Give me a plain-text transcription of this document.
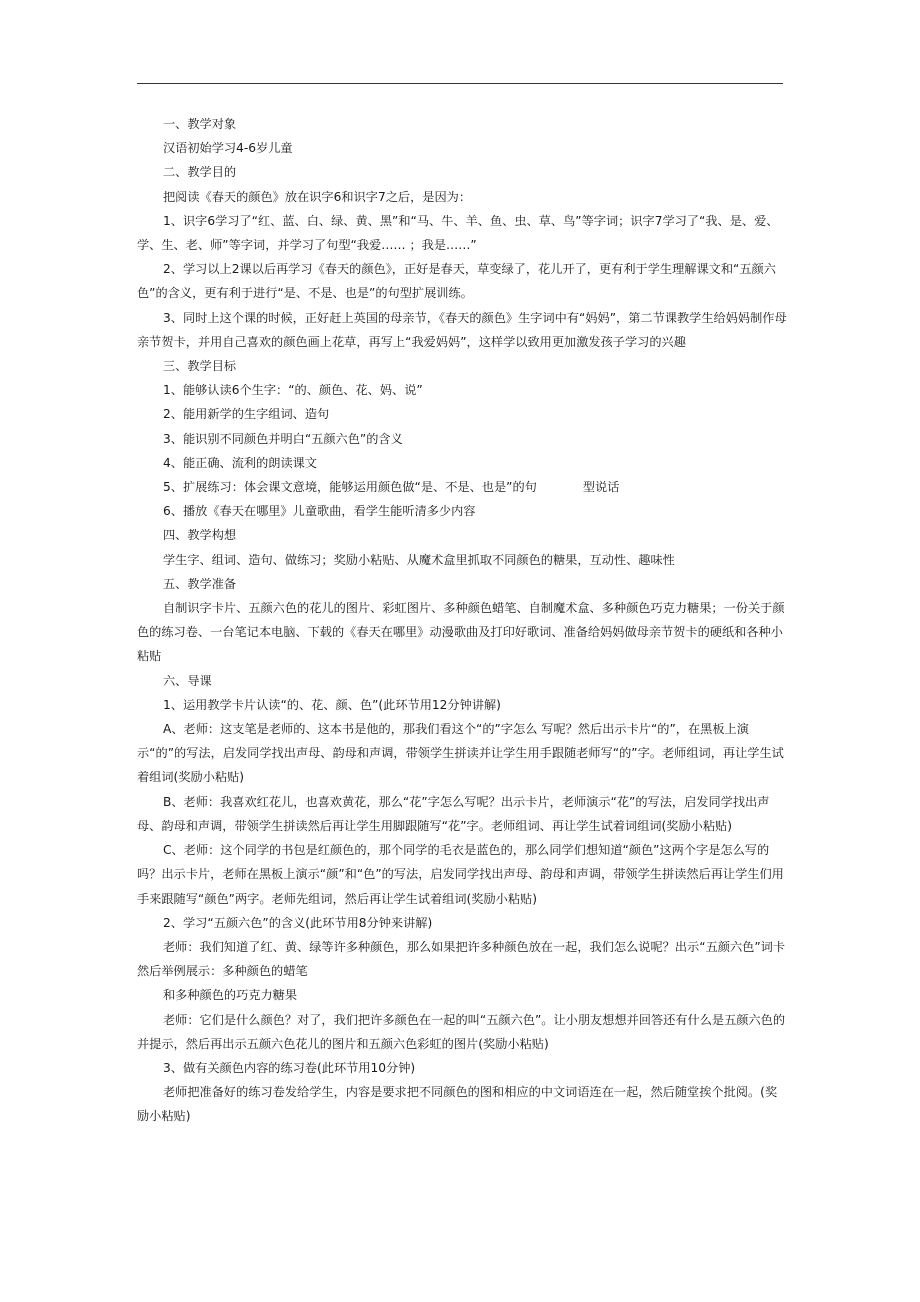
一、教学对象

汉语初始学习4-6岁儿童

二、教学目的

把阅读《春天的颜色》放在识字6和识字7之后，是因为：

1、识字6学习了“红、蓝、白、绿、黄、黑”和“马、牛、羊、鱼、虫、草、鸟”等字词；识字7学习了“我、是、爱、学、生、老、师”等字词，并学习了句型“我爱…… ；我是……”

2、学习以上2课以后再学习《春天的颜色》，正好是春天，草变绿了，花儿开了，更有利于学生理解课文和“五颜六色”的含义，更有利于进行“是、不是、也是”的句型扩展训练。

3、同时上这个课的时候，正好赶上英国的母亲节，《春天的颜色》生字词中有“妈妈”，第二节课教学生给妈妈制作母亲节贺卡，并用自己喜欢的颜色画上花草，再写上“我爱妈妈”，这样学以致用更加激发孩子学习的兴趣

三、教学目标

1、能够认读6个生字：“的、颜色、花、妈、说”

2、能用新学的生字组词、造句

3、能识别不同颜色并明白“五颜六色”的含义

4、能正确、流利的朗读课文

5、扩展练习：体会课文意境，能够运用颜色做“是、不是、也是”的句	型说话

6、播放《春天在哪里》儿童歌曲，看学生能听清多少内容

四、教学构想

学生字、组词、造句、做练习；奖励小粘贴、从魔术盒里抓取不同颜色的糖果，互动性、趣味性

五、教学准备

自制识字卡片、五颜六色的花儿的图片、彩虹图片、多种颜色蜡笔、自制魔术盒、多种颜色巧克力糖果；一份关于颜色的练习卷、一台笔记本电脑、下载的《春天在哪里》动漫歌曲及打印好歌词、准备给妈妈做母亲节贺卡的硬纸和各种小粘贴

六、导课

1、运用教学卡片认读“的、花、颜、色”(此环节用12分钟讲解)

A、老师：这支笔是老师的、这本书是他的，那我们看这个“的”字怎么 写呢？然后出示卡片“的”，在黑板上演示“的”的写法，启发同学找出声母、韵母和声调，带领学生拼读并让学生用手跟随老师写“的”字。老师组词，再让学生试着组词(奖励小粘贴)

B、老师：我喜欢红花儿，也喜欢黄花，那么“花”字怎么写呢？出示卡片，老师演示“花”的写法，启发同学找出声母、韵母和声调，带领学生拼读然后再让学生用脚跟随写“花”字。老师组词、再让学生试着词组词(奖励小粘贴)

C、老师：这个同学的书包是红颜色的，那个同学的毛衣是蓝色的，那么同学们想知道“颜色”这两个字是怎么写的吗？出示卡片，老师在黑板上演示“颜”和“色”的写法，启发同学找出声母、韵母和声调，带领学生拼读然后再让学生们用手来跟随写“颜色”两字。老师先组词，然后再让学生试着组词(奖励小粘贴)

2、学习“五颜六色”的含义(此环节用8分钟来讲解)

老师：我们知道了红、黄、绿等许多种颜色，那么如果把许多种颜色放在一起，我们怎么说呢？出示“五颜六色”词卡然后举例展示：多种颜色的蜡笔

和多种颜色的巧克力糖果

老师：它们是什么颜色？对了，我们把许多颜色在一起的叫“五颜六色”。让小朋友想想并回答还有什么是五颜六色的并提示，然后再出示五颜六色花儿的图片和五颜六色彩虹的图片(奖励小粘贴)

3、做有关颜色内容的练习卷(此环节用10分钟)

老师把准备好的练习卷发给学生，内容是要求把不同颜色的图和相应的中文词语连在一起，然后随堂挨个批阅。(奖励小粘贴)
